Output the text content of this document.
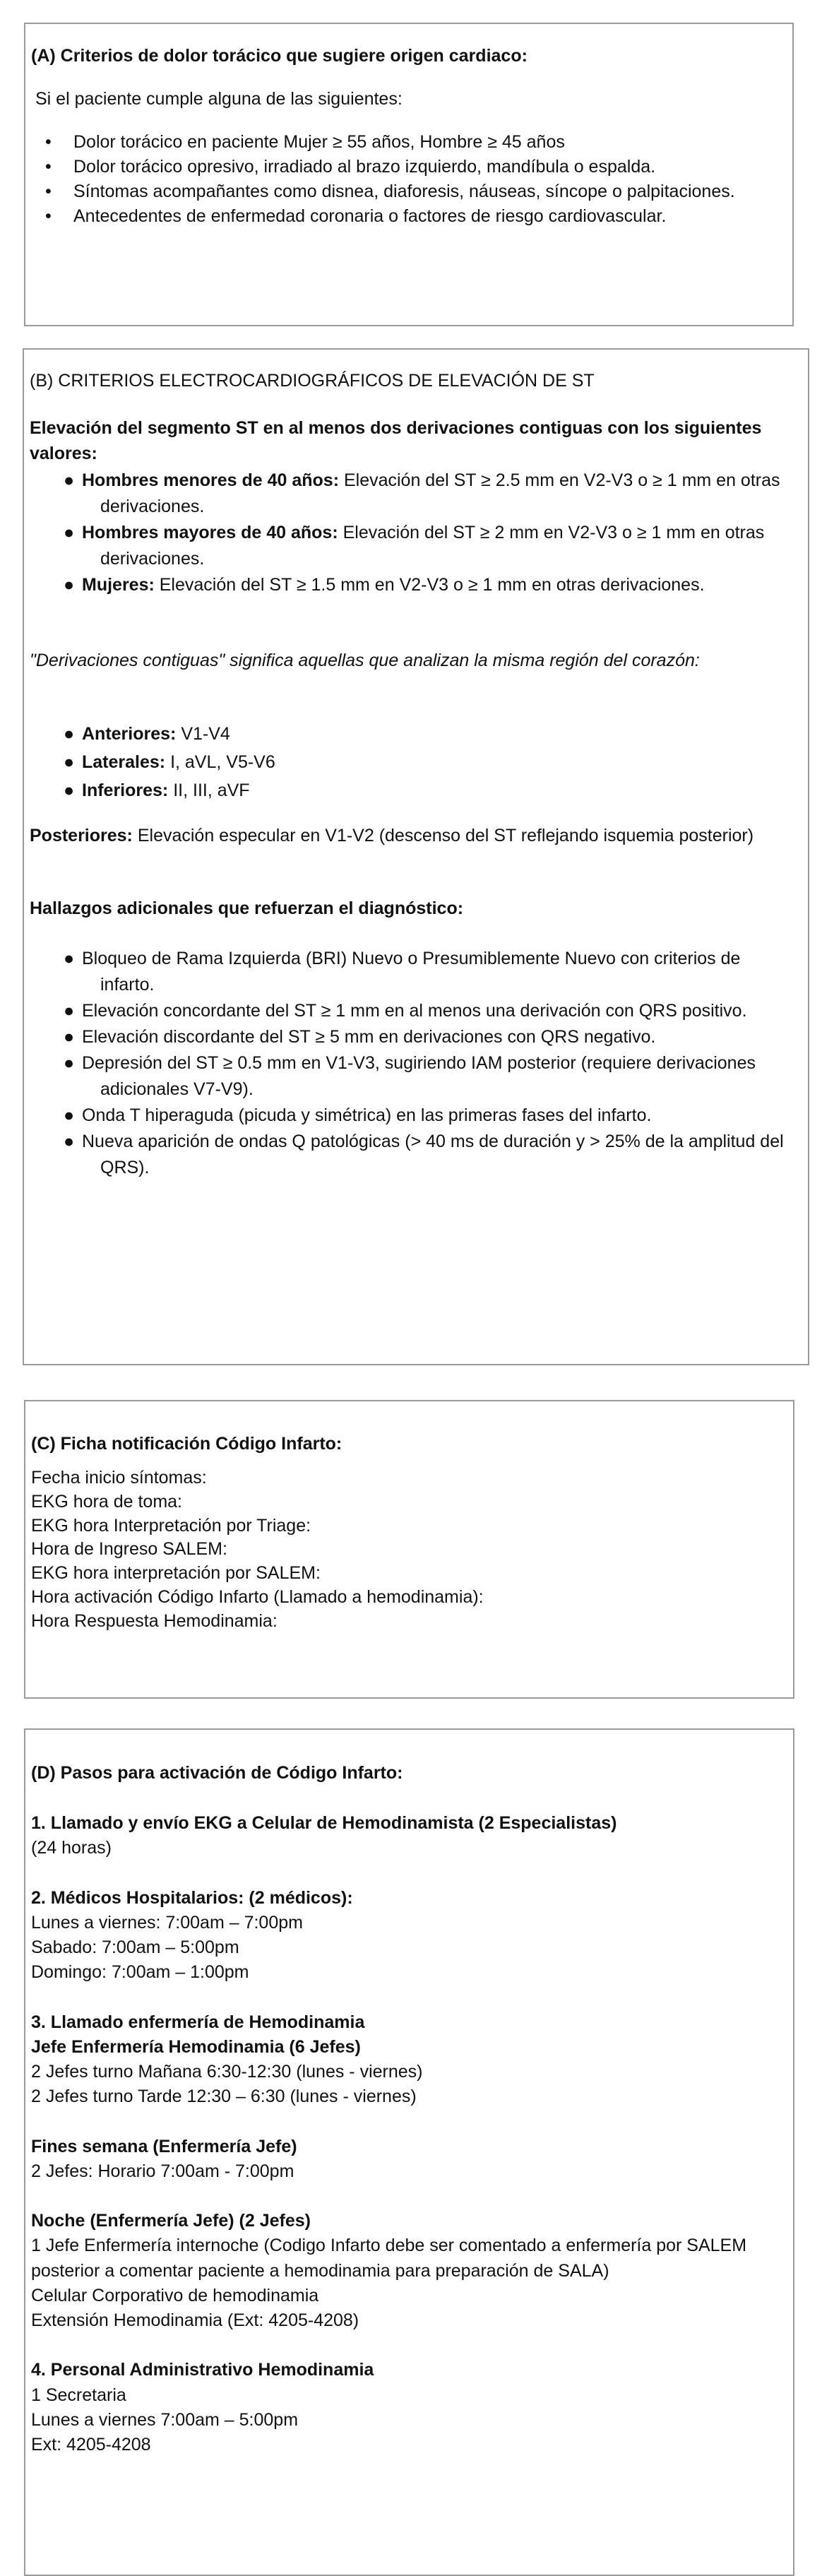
(A) Criterios de dolor torácico que sugiere origen cardiaco:
Si el paciente cumple alguna de las siguientes:
• Dolor torácico en paciente Mujer ≥ 55 años, Hombre ≥ 45 años
• Dolor torácico opresivo, irradiado al brazo izquierdo, mandíbula o espalda.
• Síntomas acompañantes como disnea, diaforesis, náuseas, síncope o palpitaciones.
• Antecedentes de enfermedad coronaria o factores de riesgo cardiovascular.
(B) CRITERIOS ELECTROCARDIOGRÁFICOS DE ELEVACIÓN DE ST
Elevación del segmento ST en al menos dos derivaciones contiguas con los siguientes valores:
● Hombres menores de 40 años: Elevación del ST ≥ 2.5 mm en V2-V3 o ≥ 1 mm en otras derivaciones.
● Hombres mayores de 40 años: Elevación del ST ≥ 2 mm en V2-V3 o ≥ 1 mm en otras derivaciones.
● Mujeres: Elevación del ST ≥ 1.5 mm en V2-V3 o ≥ 1 mm en otras derivaciones.
"Derivaciones contiguas" significa aquellas que analizan la misma región del corazón:
● Anteriores: V1-V4
● Laterales: I, aVL, V5-V6
● Inferiores: II, III, aVF
Posteriores: Elevación especular en V1-V2 (descenso del ST reflejando isquemia posterior)
Hallazgos adicionales que refuerzan el diagnóstico:
● Bloqueo de Rama Izquierda (BRI) Nuevo o Presumiblemente Nuevo con criterios de infarto.
● Elevación concordante del ST ≥ 1 mm en al menos una derivación con QRS positivo.
● Elevación discordante del ST ≥ 5 mm en derivaciones con QRS negativo.
● Depresión del ST ≥ 0.5 mm en V1-V3, sugiriendo IAM posterior (requiere derivaciones adicionales V7-V9).
● Onda T hiperaguda (picuda y simétrica) en las primeras fases del infarto.
● Nueva aparición de ondas Q patológicas (> 40 ms de duración y > 25% de la amplitud del QRS).
(C) Ficha notificación Código Infarto:
Fecha inicio síntomas:
EKG hora de toma:
EKG hora Interpretación por Triage:
Hora de Ingreso SALEM:
EKG hora interpretación por SALEM:
Hora activación Código Infarto (Llamado a hemodinamia):
Hora Respuesta Hemodinamia:
(D) Pasos para activación de Código Infarto:
1. Llamado y envío EKG a Celular de Hemodinamista (2 Especialistas)
(24 horas)
2. Médicos Hospitalarios: (2 médicos):
Lunes a viernes: 7:00am – 7:00pm
Sabado: 7:00am – 5:00pm
Domingo: 7:00am – 1:00pm
3. Llamado enfermería de Hemodinamia
Jefe Enfermería Hemodinamia (6 Jefes)
2 Jefes turno Mañana 6:30-12:30 (lunes - viernes)
2 Jefes turno Tarde 12:30 – 6:30 (lunes - viernes)
Fines semana (Enfermería Jefe)
2 Jefes: Horario 7:00am - 7:00pm
Noche (Enfermería Jefe) (2 Jefes)
1 Jefe Enfermería internoche (Codigo Infarto debe ser comentado a enfermería por SALEM posterior a comentar paciente a hemodinamia para preparación de SALA)
Celular Corporativo de hemodinamia
Extensión Hemodinamia (Ext: 4205-4208)
4. Personal Administrativo Hemodinamia
1 Secretaria
Lunes a viernes 7:00am – 5:00pm
Ext: 4205-4208
